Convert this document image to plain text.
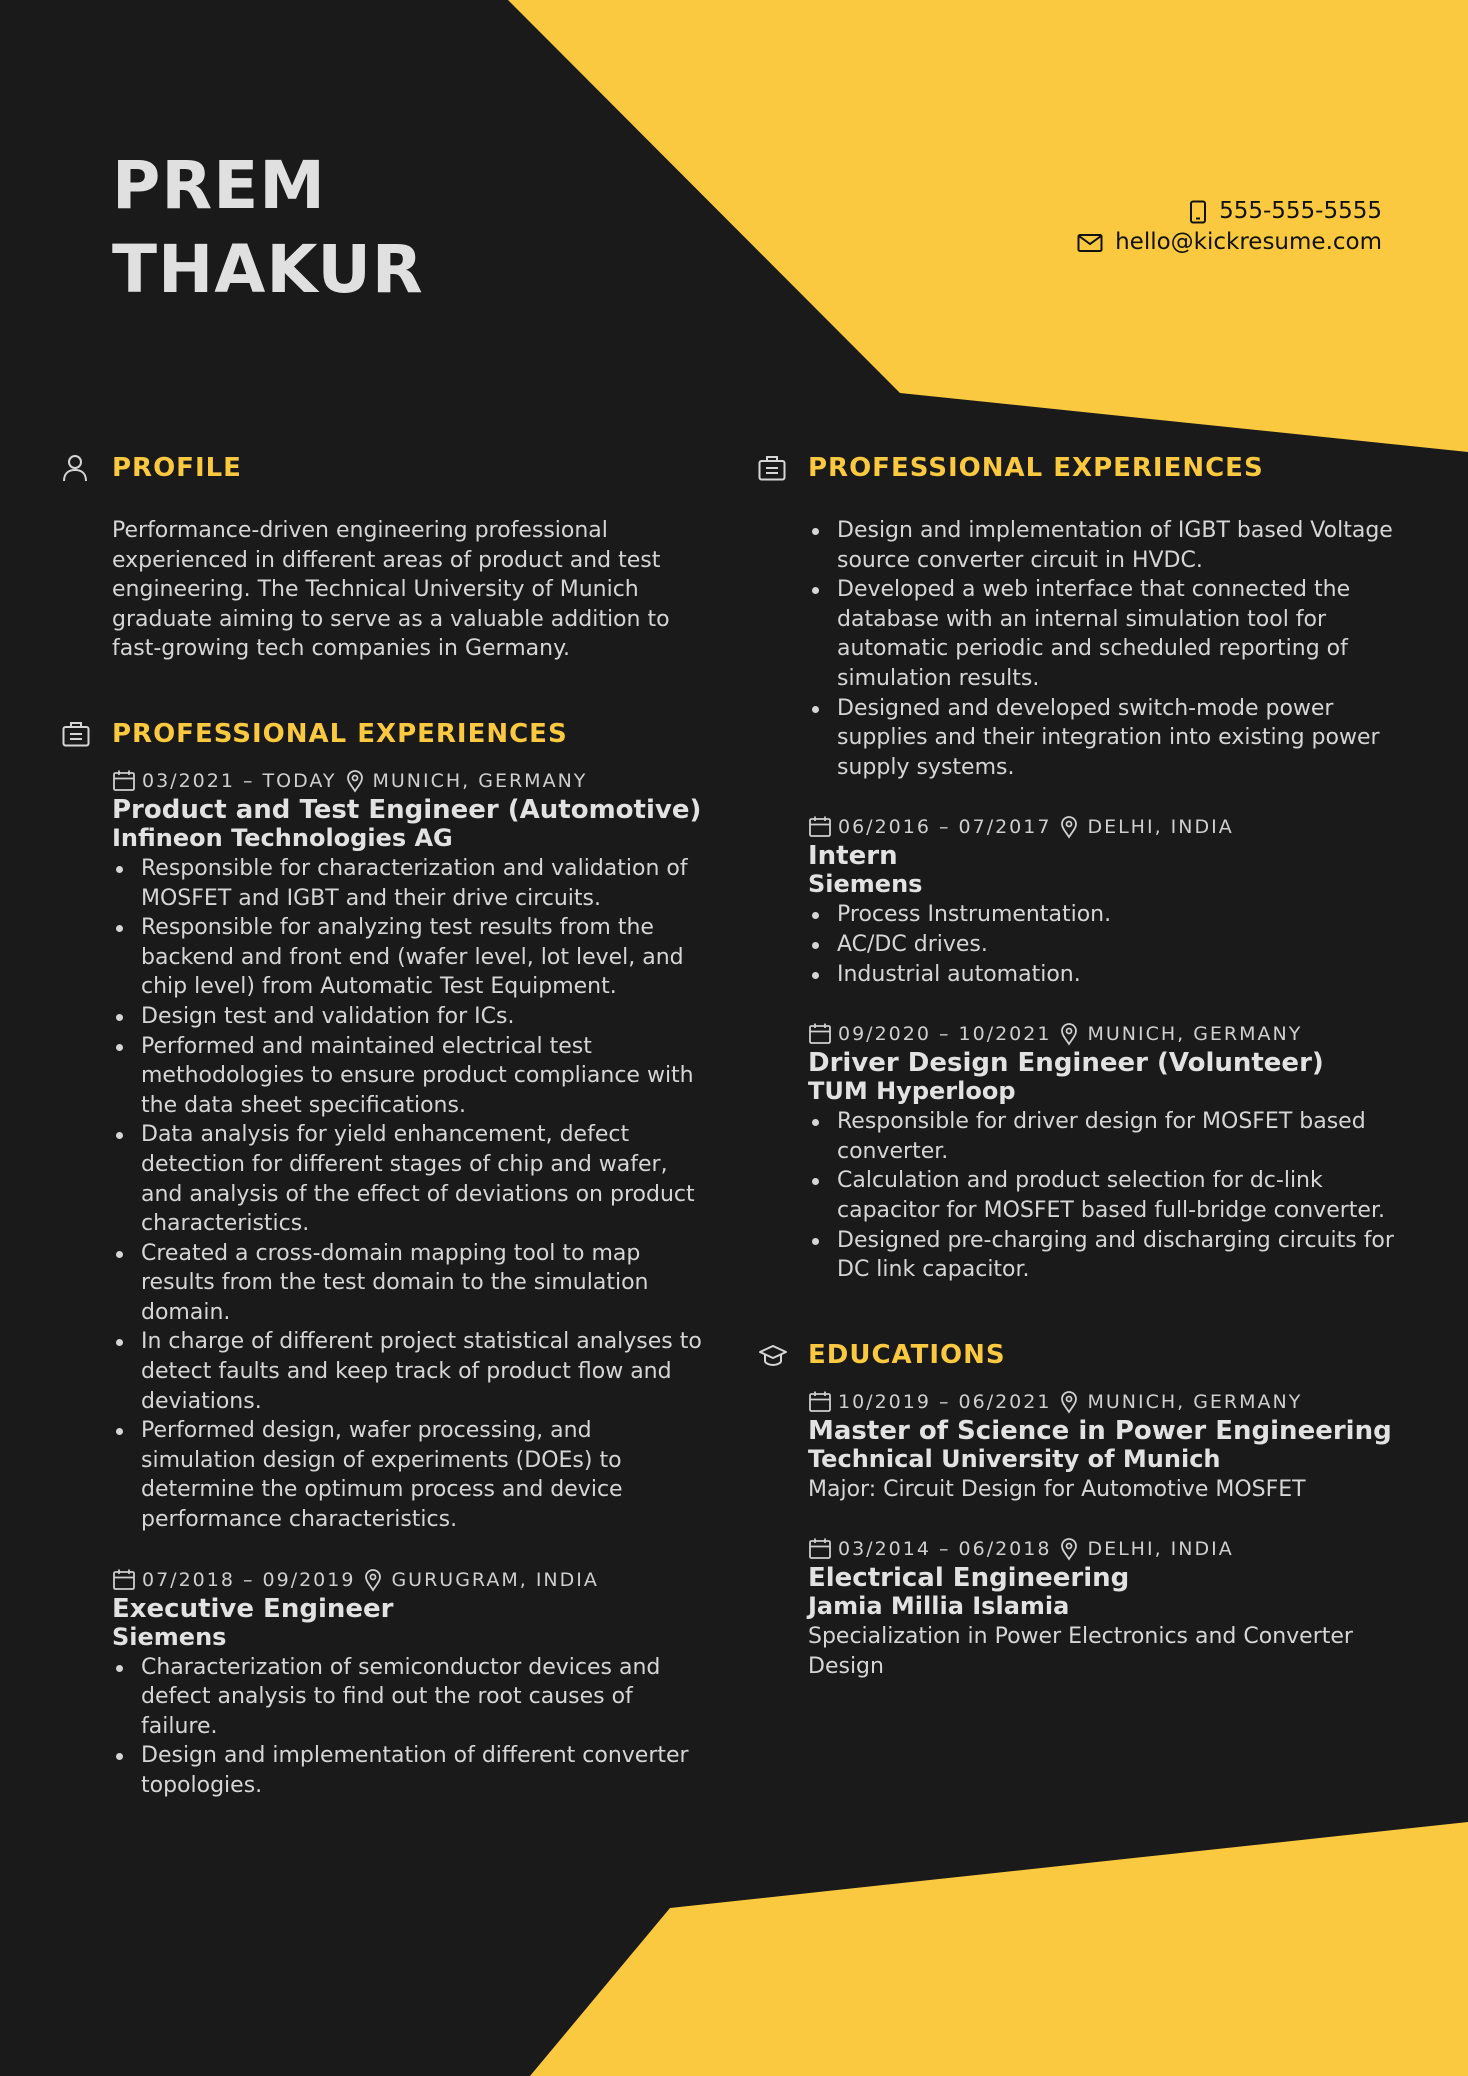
PREM
THAKUR
555-555-5555
hello@kickresume.com
PROFILE

Performance-driven engineering professional experienced in different areas of product and test engineering. The Technical University of Munich graduate aiming to serve as a valuable addition to fast-growing tech companies in Germany.

PROFESSIONAL EXPERIENCES
03/2021 – TODAY MUNICH, GERMANY

Product and Test Engineer (Automotive)

Infineon Technologies AG

Responsible for characterization and validation of MOSFET and IGBT and their drive circuits.
Responsible for analyzing test results from the backend and front end (wafer level, lot level, and chip level) from Automatic Test Equipment.
Design test and validation for ICs.
Performed and maintained electrical test methodologies to ensure product compliance with the data sheet specifications.
Data analysis for yield enhancement, defect detection for different stages of chip and wafer, and analysis of the effect of deviations on product characteristics.
Created a cross-domain mapping tool to map results from the test domain to the simulation domain.
In charge of different project statistical analyses to detect faults and keep track of product flow and deviations.
Performed design, wafer processing, and simulation design of experiments (DOEs) to determine the optimum process and device performance characteristics.
07/2018 – 09/2019 GURUGRAM, INDIA

Executive Engineer

Siemens

Characterization of semiconductor devices and defect analysis to find out the root causes of failure.
Design and implementation of different converter topologies.
PROFESSIONAL EXPERIENCES
Design and implementation of IGBT based Voltage source converter circuit in HVDC.
Developed a web interface that connected the database with an internal simulation tool for automatic periodic and scheduled reporting of simulation results.
Designed and developed switch-mode power supplies and their integration into existing power supply systems.
06/2016 – 07/2017 DELHI, INDIA

Intern

Siemens

Process Instrumentation.
AC/DC drives.
Industrial automation.
09/2020 – 10/2021 MUNICH, GERMANY

Driver Design Engineer (Volunteer)

TUM Hyperloop

Responsible for driver design for MOSFET based converter.
Calculation and product selection for dc-link capacitor for MOSFET based full-bridge converter.
Designed pre-charging and discharging circuits for DC link capacitor.
EDUCATIONS
10/2019 – 06/2021 MUNICH, GERMANY

Master of Science in Power Engineering

Technical University of Munich

Major: Circuit Design for Automotive MOSFET

03/2014 – 06/2018 DELHI, INDIA

Electrical Engineering

Jamia Millia Islamia

Specialization in Power Electronics and Converter Design
